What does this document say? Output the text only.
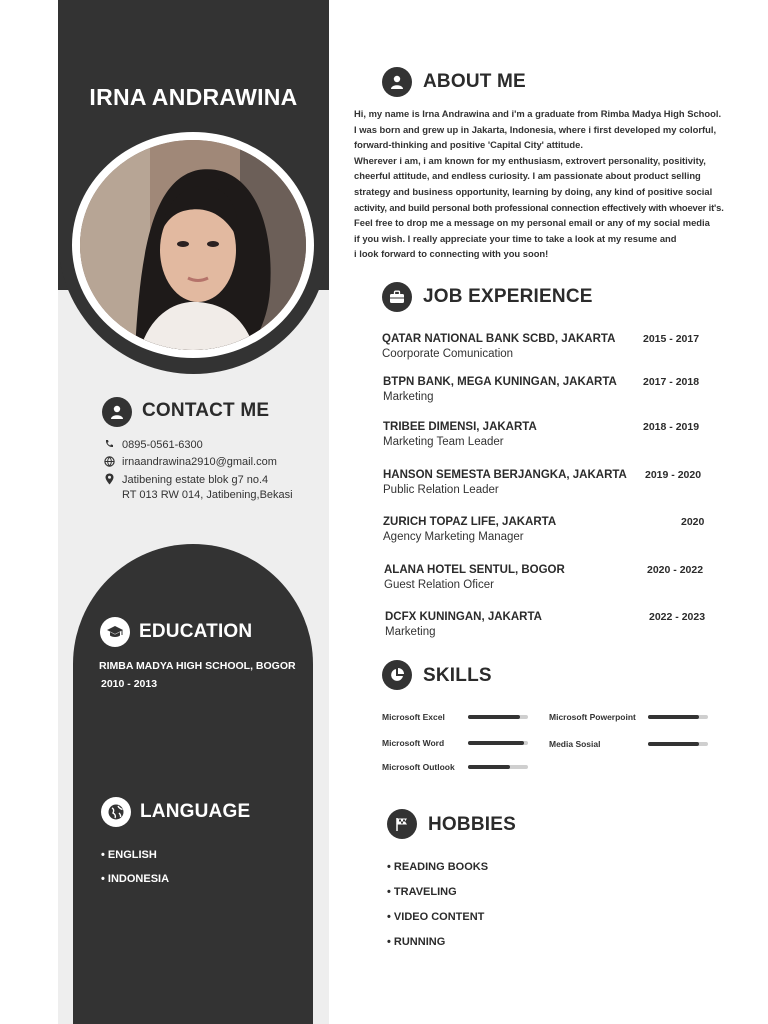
IRNA ANDRAWINA
CONTACT ME
0895-0561-6300
irnaandrawina2910@gmail.com
Jatibening estate blok g7 no.4
RT 013 RW 014, Jatibening,Bekasi
EDUCATION
RIMBA MADYA HIGH SCHOOL, BOGOR
2010 - 2013
LANGUAGE
• ENGLISH
• INDONESIA
ABOUT ME
Hi, my name is Irna Andrawina and i'm a graduate from Rimba Madya High School.
I was born and grew up in Jakarta, Indonesia, where i first developed my colorful,
forward-thinking and positive 'Capital City' attitude.
Wherever i am, i am known for my enthusiasm, extrovert personality, positivity,
cheerful attitude, and endless curiosity. I am passionate about product selling
strategy and business opportunity, learning by doing, any kind of positive social
activity, and build personal both professional connection effectively with whoever it's.
Feel free to drop me a message on my personal email or any of my social media
if you wish. I really appreciate your time to take a look at my resume and
i look forward to connecting with you soon!
JOB EXPERIENCE
QATAR NATIONAL BANK SCBD, JAKARTA
Coorporate Comunication
2015 - 2017
BTPN BANK, MEGA KUNINGAN, JAKARTA
Marketing
2017 - 2018
TRIBEE DIMENSI, JAKARTA
Marketing Team Leader
2018 - 2019
HANSON SEMESTA BERJANGKA, JAKARTA
Public Relation Leader
2019 - 2020
ZURICH TOPAZ LIFE, JAKARTA
Agency Marketing Manager
2020
ALANA HOTEL SENTUL, BOGOR
Guest Relation Oficer
2020 - 2022
DCFX KUNINGAN, JAKARTA
Marketing
2022 - 2023
SKILLS
Microsoft Excel	Microsoft Powerpoint
Microsoft Word	Media Sosial
Microsoft Outlook
HOBBIES
• READING BOOKS
• TRAVELING
• VIDEO CONTENT
• RUNNING
